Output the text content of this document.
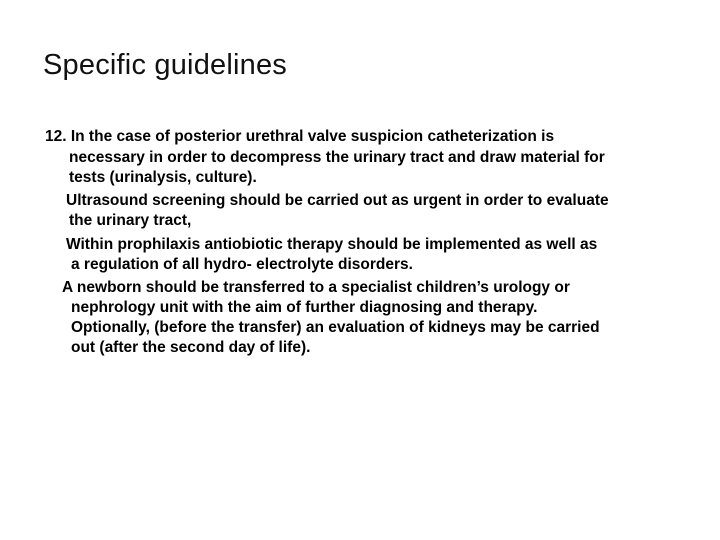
Specific guidelines
12. In the case of posterior urethral valve suspicion catheterization is
necessary in order to decompress the urinary tract and draw material for
tests (urinalysis, culture).
Ultrasound screening should be carried out as urgent in order to evaluate
the urinary tract,
Within prophilaxis antiobiotic therapy should be implemented as well as
a regulation of all hydro- electrolyte disorders.
A newborn should be transferred to a specialist children’s urology or
nephrology unit with the aim of further diagnosing and therapy.
Optionally, (before the transfer) an evaluation of kidneys may be carried
out (after the second day of life).
